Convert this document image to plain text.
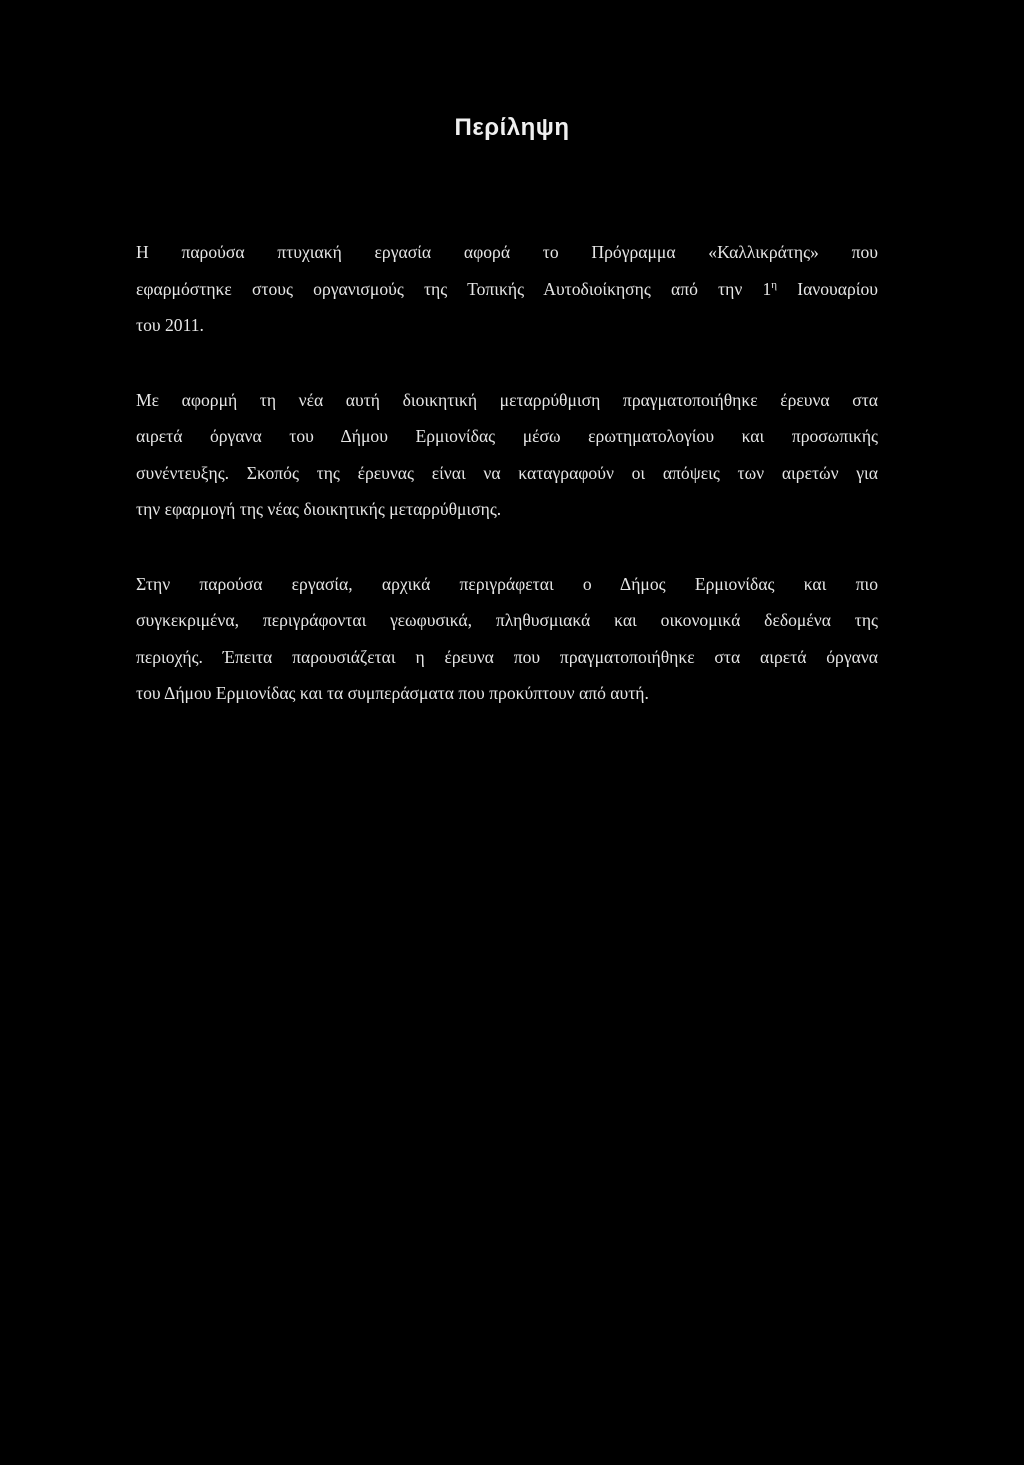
Περίληψη

Η παρούσα πτυχιακή εργασία αφορά το Πρόγραμμα «Καλλικράτης» που
εφαρμόστηκε στους οργανισμούς της Τοπικής Αυτοδιοίκησης από την $1^\eta$ Ιανουαρίου
του 2011.

Με αφορμή τη νέα αυτή διοικητική μεταρρύθμιση πραγματοποιήθηκε έρευνα στα
αιρετά όργανα του Δήμου Ερμιονίδας μέσω ερωτηματολογίου και προσωπικής
συνέντευξης. Σκοπός της έρευνας είναι να καταγραφούν οι απόψεις των αιρετών για
την εφαρμογή της νέας διοικητικής μεταρρύθμισης.

Στην παρούσα εργασία, αρχικά περιγράφεται ο Δήμος Ερμιονίδας και πιο
συγκεκριμένα, περιγράφονται γεωφυσικά, πληθυσμιακά και οικονομικά δεδομένα της
περιοχής. Έπειτα παρουσιάζεται η έρευνα που πραγματοποιήθηκε στα αιρετά όργανα
του Δήμου Ερμιονίδας και τα συμπεράσματα που προκύπτουν από αυτή.
